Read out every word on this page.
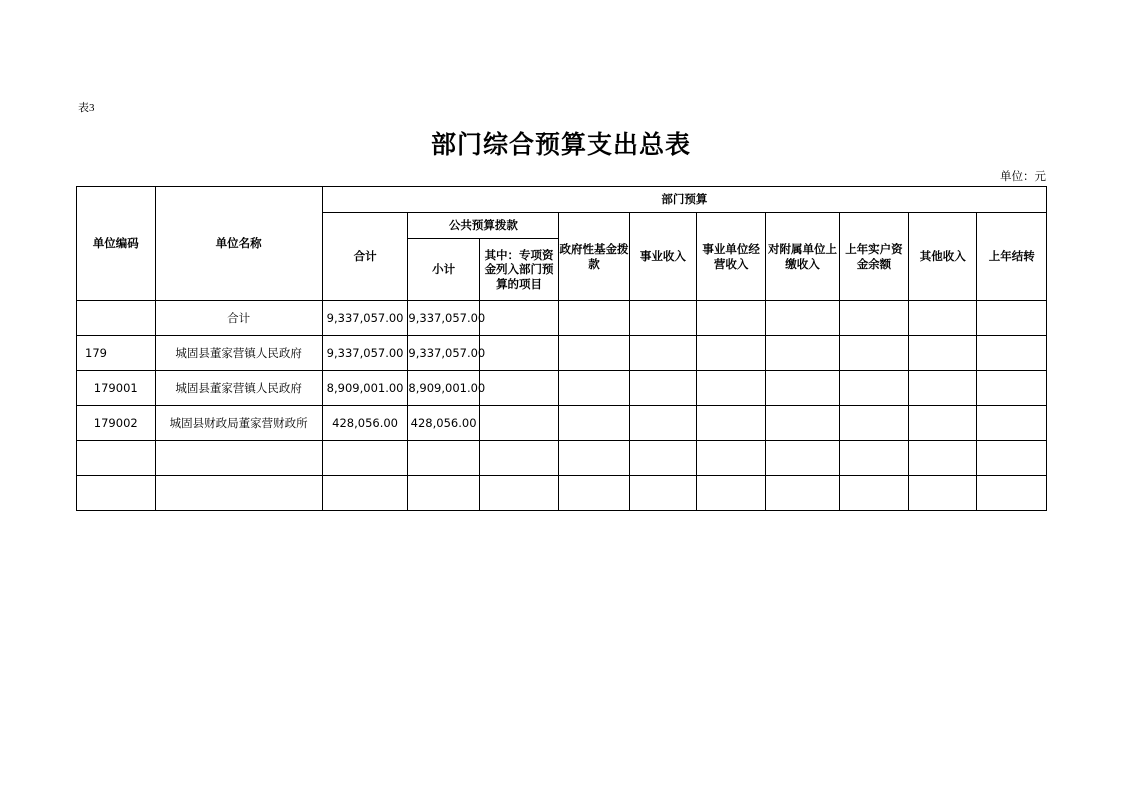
表3
部门综合预算支出总表
单位：元
单位编码	单位名称	部门预算									
		合计	公共预算拨款		政府性基金拨款	事业收入	事业单位经营收入	对附属单位上缴收入	上年实户资金余额	其他收入	上年结转
			小计	其中：专项资金列入部门预算的项目							
	合计	9,337,057.00	9,337,057.00								
179	城固县董家营镇人民政府	9,337,057.00	9,337,057.00								
179001	城固县董家营镇人民政府	8,909,001.00	8,909,001.00								
179002	城固县财政局董家营财政所	428,056.00	428,056.00								
